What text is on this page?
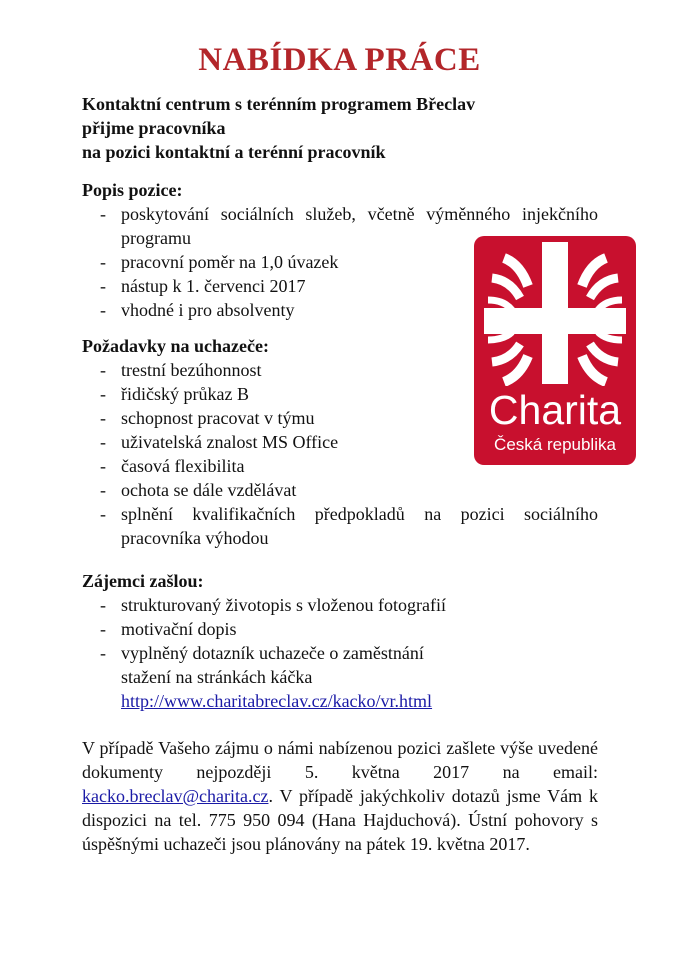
NABÍDKA PRÁCE
Kontaktní centrum s terénním programem Břeclav
přijme pracovníka
na pozici kontaktní a terénní pracovník
Popis pozice:
- poskytování sociálních služeb, včetně výměnného injekčního programu
- pracovní poměr na 1,0 úvazek
- nástup k 1. červenci 2017
- vhodné i pro absolventy
Požadavky na uchazeče:
- trestní bezúhonnost
- řidičský průkaz B
- schopnost pracovat v týmu
- uživatelská znalost MS Office
- časová flexibilita
- ochota se dále vzdělávat
- splnění kvalifikačních předpokladů na pozici sociálního pracovníka výhodou
Zájemci zašlou:
- strukturovaný životopis s vloženou fotografií
- motivační dopis
- vyplněný dotazník uchazeče o zaměstnání
stažení na stránkách káčka
http://www.charitabreclav.cz/kacko/vr.html
V případě Vašeho zájmu o námi nabízenou pozici zašlete výše uvedené dokumenty nejpozději 5. května 2017 na email: kacko.breclav@charita.cz. V případě jakýchkoliv dotazů jsme Vám k dispozici na tel. 775 950 094 (Hana Hajduchová). Ústní pohovory s úspěšnými uchazeči jsou plánovány na pátek 19. května 2017.
Charita
Česká republika
